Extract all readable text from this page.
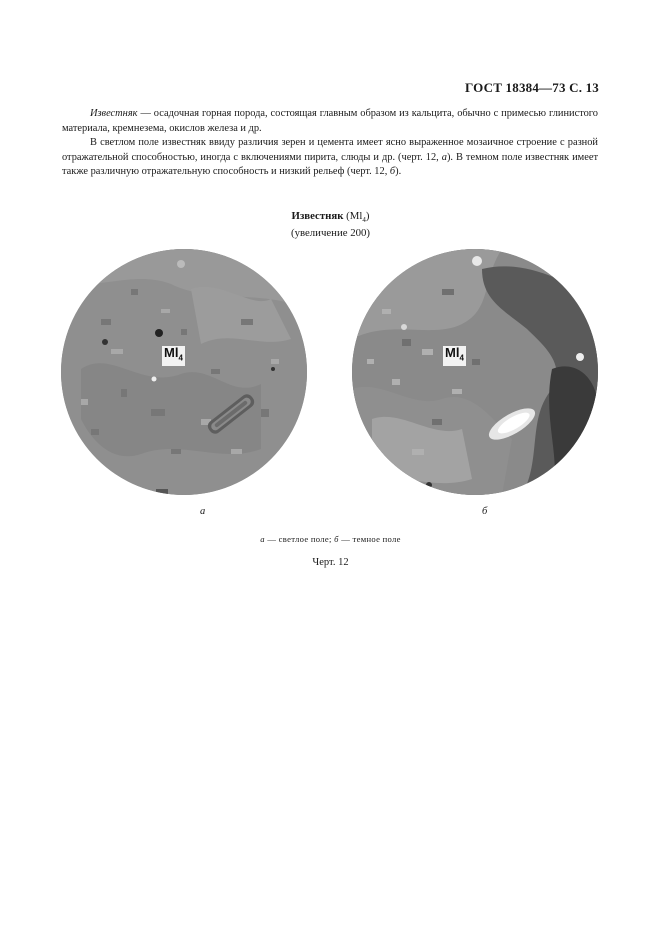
ГОСТ 18384—73 С. 13

Известняк — осадочная горная порода, состоящая главным образом из кальцита, обычно с примесью глинистого материала, кремнезема, окислов железа и др.

В светлом поле известняк ввиду различия зерен и цемента имеет ясно выраженное мозаичное строение с разной отражательной способностью, иногда с включениями пирита, слюды и др. (черт. 12, а). В темном поле известняк имеет также различную отражательную способность и низкий рельеф (черт. 12, б).

Известняк $(Ml_4)$
(увеличение 200)
$Ml_4$	$Ml_4$
а	б
а — светлое поле; б — темное поле
Черт. 12
